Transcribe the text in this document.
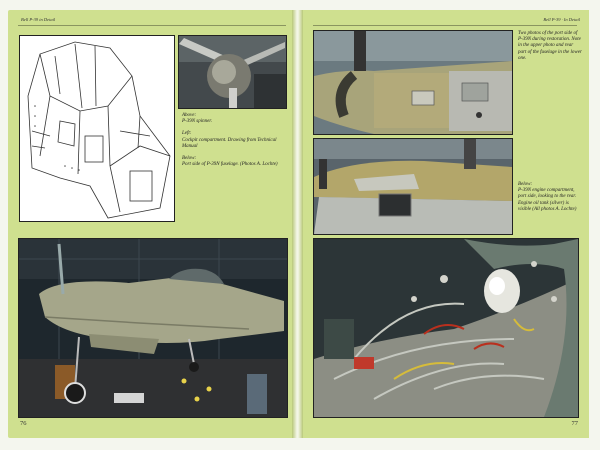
Bell P-39 in Detail	Bell P-39 · In Detail
Above:
P-39N spinner.
Left:
Cockpit compartment. Drawing from Technical Manual
Below:
Port side of P-39N fuselage. (Photos A. Lochte)
Two photos of the port side of P-39N during restoration. Note in the upper photo and rear part of the fuselage in the lower one.
Below:
P-39N engine compartment, port side, looking to the rear. Engine oil tank (silver) is visible (All photos A. Lochte)
76	77
